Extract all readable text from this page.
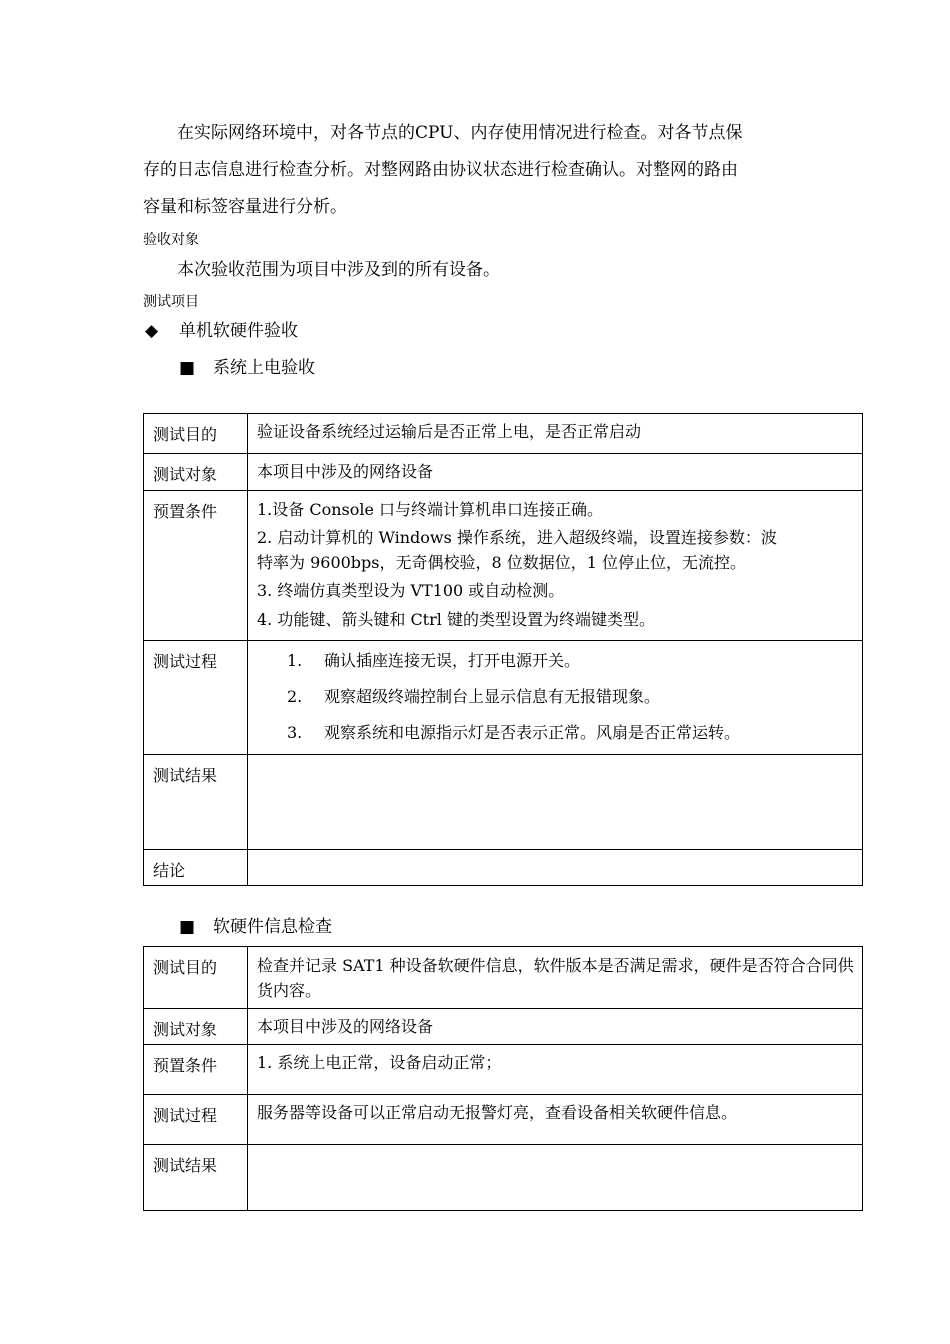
在实际网络环境中，对各节点的CPU、内存使用情况进行检查。对各节点保
存的日志信息进行检查分析。对整网路由协议状态进行检查确认。对整网的路由
容量和标签容量进行分析。
验收对象
本次验收范围为项目中涉及到的所有设备。
测试项目
◆ 单机软硬件验收
■ 系统上电验收
测试目的	验证设备系统经过运输后是否正常上电，是否正常启动
测试对象	本项目中涉及的网络设备
预置条件	1.设备 Console 口与终端计算机串口连接正确。
2. 启动计算机的 Windows 操作系统，进入超级终端，设置连接参数：波
特率为 9600bps，无奇偶校验，8 位数据位，1 位停止位，无流控。
3. 终端仿真类型设为 VT100 或自动检测。
4. 功能键、箭头键和 Ctrl 键的类型设置为终端键类型。

测试过程	1. 确认插座连接无误，打开电源开关。
2. 观察超级终端控制台上显示信息有无报错现象。
3. 观察系统和电源指示灯是否表示正常。风扇是否正常运转。

测试结果	
结论	
■ 软硬件信息检查
测试目的	检查并记录 SAT1 种设备软硬件信息，软件版本是否满足需求，硬件是否符合合同供货内容。
测试对象	本项目中涉及的网络设备
预置条件	1. 系统上电正常，设备启动正常；
测试过程	服务器等设备可以正常启动无报警灯亮，查看设备相关软硬件信息。
测试结果	
